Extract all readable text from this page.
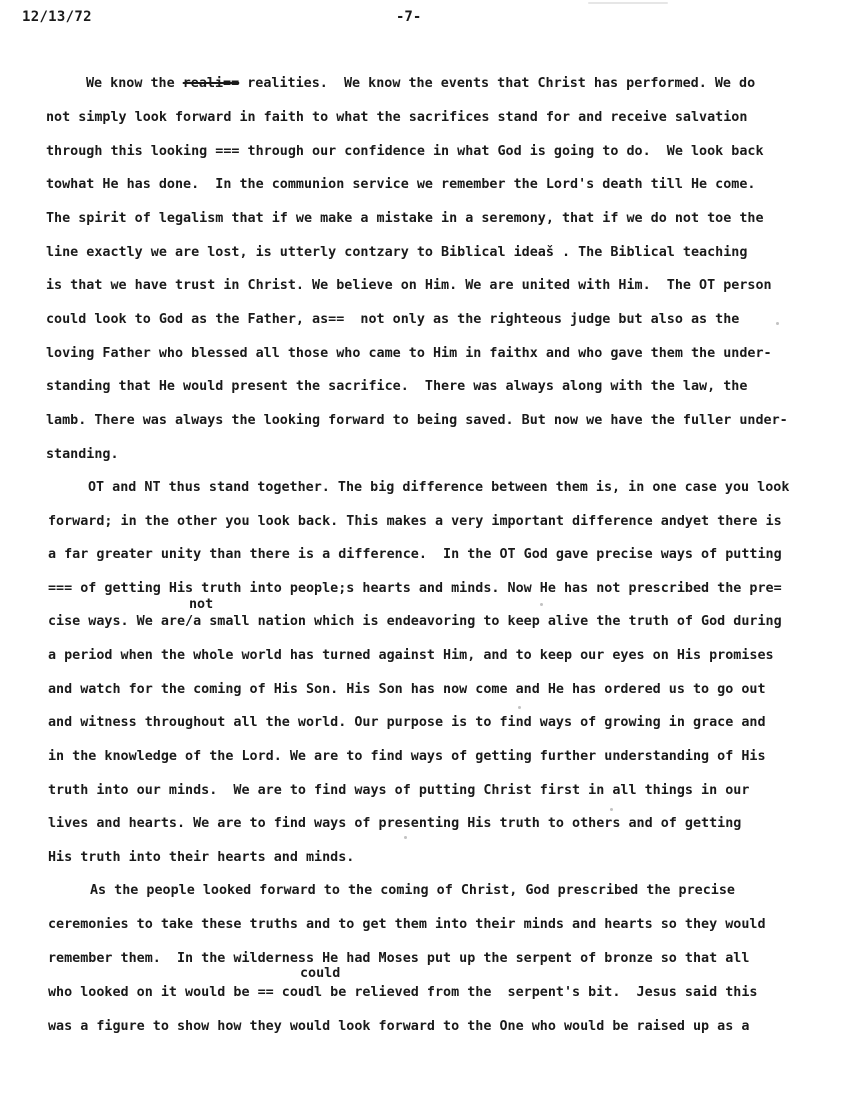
12/13/72	-7-
We know the reali== realities.  We know the events that Christ has performed. We do
not simply look forward in faith to what the sacrifices stand for and receive salvation
through this looking === through our confidence in what God is going to do.  We look back
towhat He has done.  In the communion service we remember the Lord's death till He come.
The spirit of legalism that if we make a mistake in a seremony, that if we do not toe the
line exactly we are lost, is utterly contzary to Biblical ideaš . The Biblical teaching
is that we have trust in Christ. We believe on Him. We are united with Him.  The OT person
could look to God as the Father, as==  not only as the righteous judge but also as the
loving Father who blessed all those who came to Him in faithx and who gave them the under-
standing that He would present the sacrifice.  There was always along with the law, the
lamb. There was always the looking forward to being saved. But now we have the fuller under-
standing.
OT and NT thus stand together. The big difference between them is, in one case you look
forward; in the other you look back. This makes a very important difference andyet there is
a far greater unity than there is a difference.  In the OT God gave precise ways of putting
=== of getting His truth into people;s hearts and minds. Now He has not prescribed the pre=
not
cise ways. We are/a small nation which is endeavoring to keep alive the truth of God during
a period when the whole world has turned against Him, and to keep our eyes on His promises
and watch for the coming of His Son. His Son has now come and He has ordered us to go out
and witness throughout all the world. Our purpose is to find ways of growing in grace and
in the knowledge of the Lord. We are to find ways of getting further understanding of His
truth into our minds.  We are to find ways of putting Christ first in all things in our
lives and hearts. We are to find ways of presenting His truth to others and of getting
His truth into their hearts and minds.
As the people looked forward to the coming of Christ, God prescribed the precise
ceremonies to take these truths and to get them into their minds and hearts so they would
remember them.  In the wilderness He had Moses put up the serpent of bronze so that all
could
who looked on it would be == coudl be relieved from the  serpent's bit.  Jesus said this
was a figure to show how they would look forward to the One who would be raised up as a
